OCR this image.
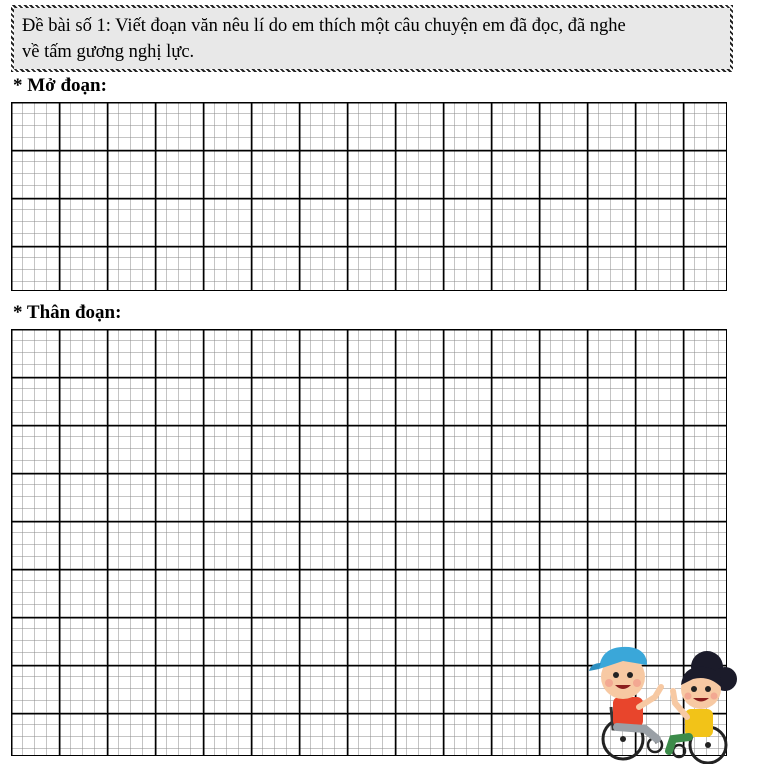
Đề bài số 1: Viết đoạn văn nêu lí do em thích một câu chuyện em đã đọc, đã nghe
về tấm gương nghị lực.
* Mở đoạn:
* Thân đoạn:
